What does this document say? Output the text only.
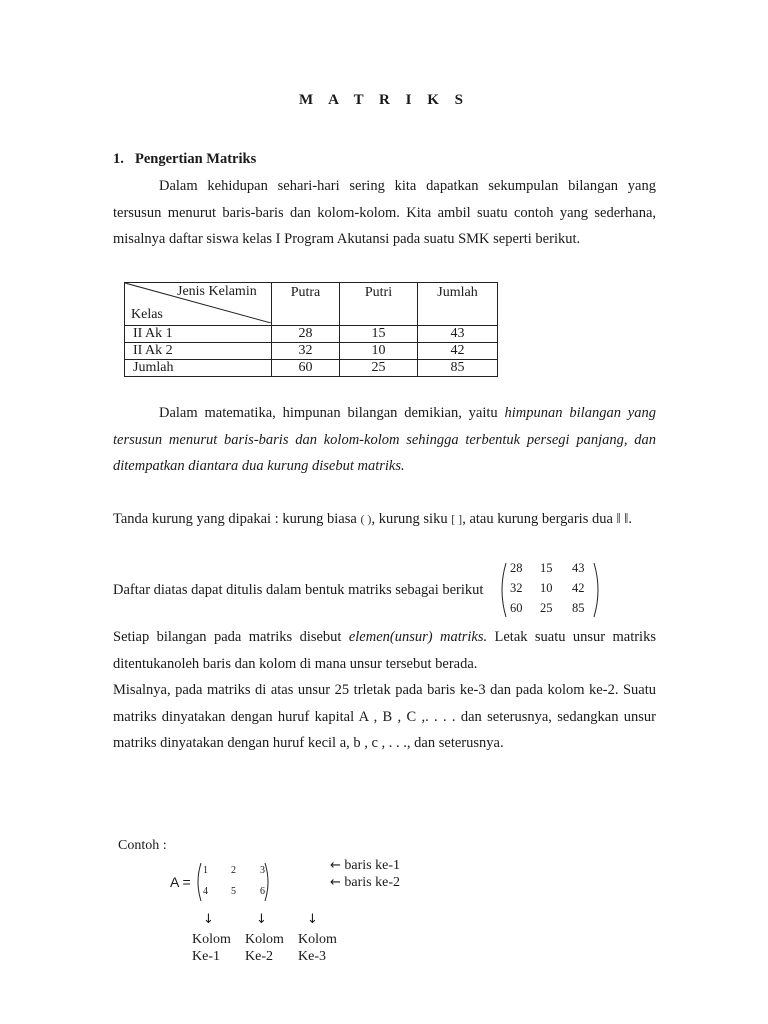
M A T R I K S
1. Pengertian Matriks
Dalam kehidupan sehari-hari sering kita dapatkan sekumpulan bilangan yang tersusun menurut baris-baris dan kolom-kolom. Kita ambil suatu contoh yang sederhana, misalnya daftar siswa kelas I Program Akutansi pada suatu SMK seperti berikut.
Jenis Kelamin
Kelas	Putra	Putri	Jumlah
II Ak 1	28	15	43
II Ak 2	32	10	42
Jumlah	60	25	85
Dalam matematika, himpunan bilangan demikian, yaitu himpunan bilangan yang tersusun menurut baris-baris dan kolom-kolom sehingga terbentuk persegi panjang, dan ditempatkan diantara dua kurung disebut matriks.
Tanda kurung yang dipakai : kurung biasa ( ), kurung siku [ ], atau kurung bergaris dua ‖ ‖.
Daftar diatas dapat ditulis dalam bentuk matriks sebagai berikut
28 15 43
32 10 42
60 25 85
Setiap bilangan pada matriks disebut elemen(unsur) matriks. Letak suatu unsur matriks ditentukanoleh baris dan kolom di mana unsur tersebut berada.
Misalnya, pada matriks di atas unsur 25 trletak pada baris ke-3 dan pada kolom ke-2. Suatu matriks dinyatakan dengan huruf kapital A , B , C ,. . . . dan seterusnya, sedangkan unsur matriks dinyatakan dengan huruf kecil a, b , c , . . ., dan seterusnya.
Contoh :
A =
1 2 3
4 5 6
← baris ke-1
← baris ke-2
↓	↓	↓
Kolom
Ke-1
Kolom
Ke-2
Kolom
Ke-3
